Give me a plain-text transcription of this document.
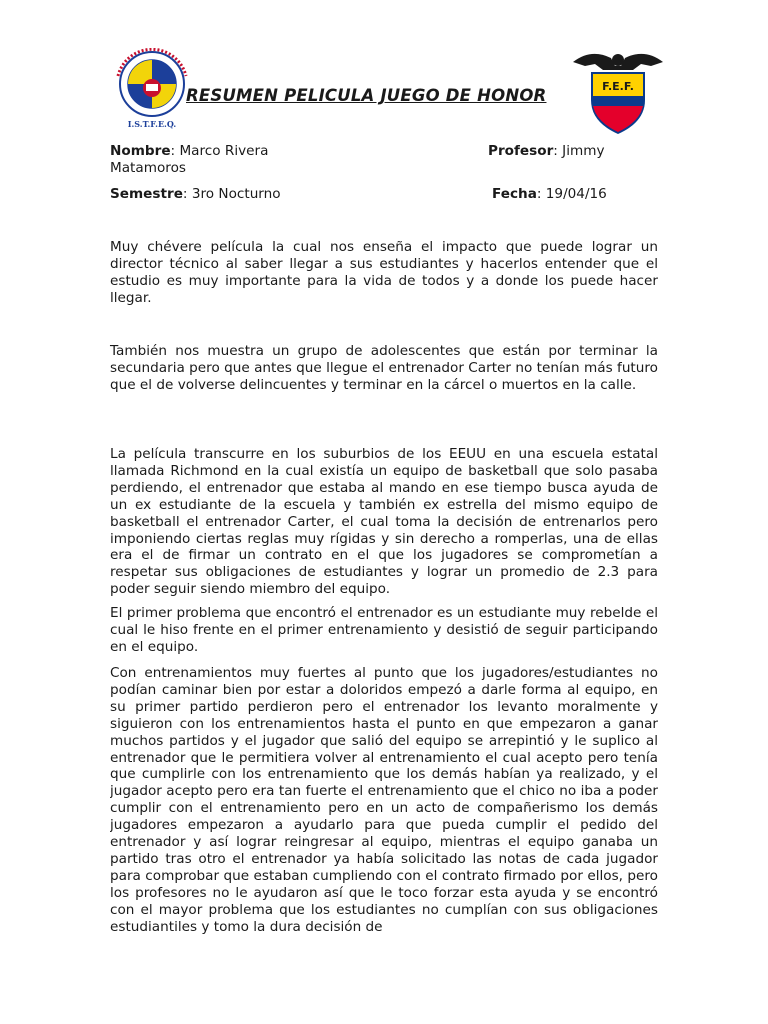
I.S.T.F.E.Q.
RESUMEN PELICULA JUEGO DE HONOR	F.E.F.
Nombre: Marco Rivera	Profesor: Jimmy
Matamoros
Semestre: 3ro Nocturno	Fecha: 19/04/16
Muy chévere película la cual nos enseña el impacto que puede lograr un director técnico al saber llegar a sus estudiantes y hacerlos entender que el estudio es muy importante para la vida de todos y a donde los puede hacer llegar.
También nos muestra un grupo de adolescentes que están por terminar la secundaria pero que antes que llegue el entrenador Carter no tenían más futuro que el de volverse delincuentes y terminar en la cárcel o muertos en la calle.
La película transcurre en los suburbios de los EEUU en una escuela estatal llamada Richmond en la cual existía un equipo de basketball que solo pasaba perdiendo, el entrenador que estaba al mando en ese tiempo busca ayuda de un ex estudiante de la escuela y también ex estrella del mismo equipo de basketball el entrenador Carter, el cual toma la decisión de entrenarlos pero imponiendo ciertas reglas muy rígidas y sin derecho a romperlas, una de ellas era el de firmar un contrato en el que los jugadores se comprometían a respetar sus obligaciones de estudiantes y lograr un promedio de 2.3 para poder seguir siendo miembro del equipo.
El primer problema que encontró el entrenador es un estudiante muy rebelde el cual le hiso frente en el primer entrenamiento y desistió de seguir participando en el equipo.
Con entrenamientos muy fuertes al punto que los jugadores/estudiantes no podían caminar bien por estar a doloridos empezó a darle forma al equipo, en su primer partido perdieron pero el entrenador los levanto moralmente y siguieron con los entrenamientos hasta el punto en que empezaron a ganar muchos partidos y el jugador que salió del equipo se arrepintió y le suplico al entrenador que le permitiera volver al entrenamiento el cual acepto pero tenía que cumplirle con los entrenamiento que los demás habían ya realizado, y el jugador acepto pero era tan fuerte el entrenamiento que el chico no iba a poder cumplir con el entrenamiento pero en un acto de compañerismo los demás jugadores empezaron a ayudarlo para que pueda cumplir el pedido del entrenador y así lograr reingresar al equipo, mientras el equipo ganaba un partido tras otro el entrenador ya había solicitado las notas de cada jugador para comprobar que estaban cumpliendo con el contrato firmado por ellos, pero los profesores no le ayudaron así que le toco forzar esta ayuda y se encontró con el mayor problema que los estudiantes no cumplían con sus obligaciones estudiantiles y tomo la dura decisión de
